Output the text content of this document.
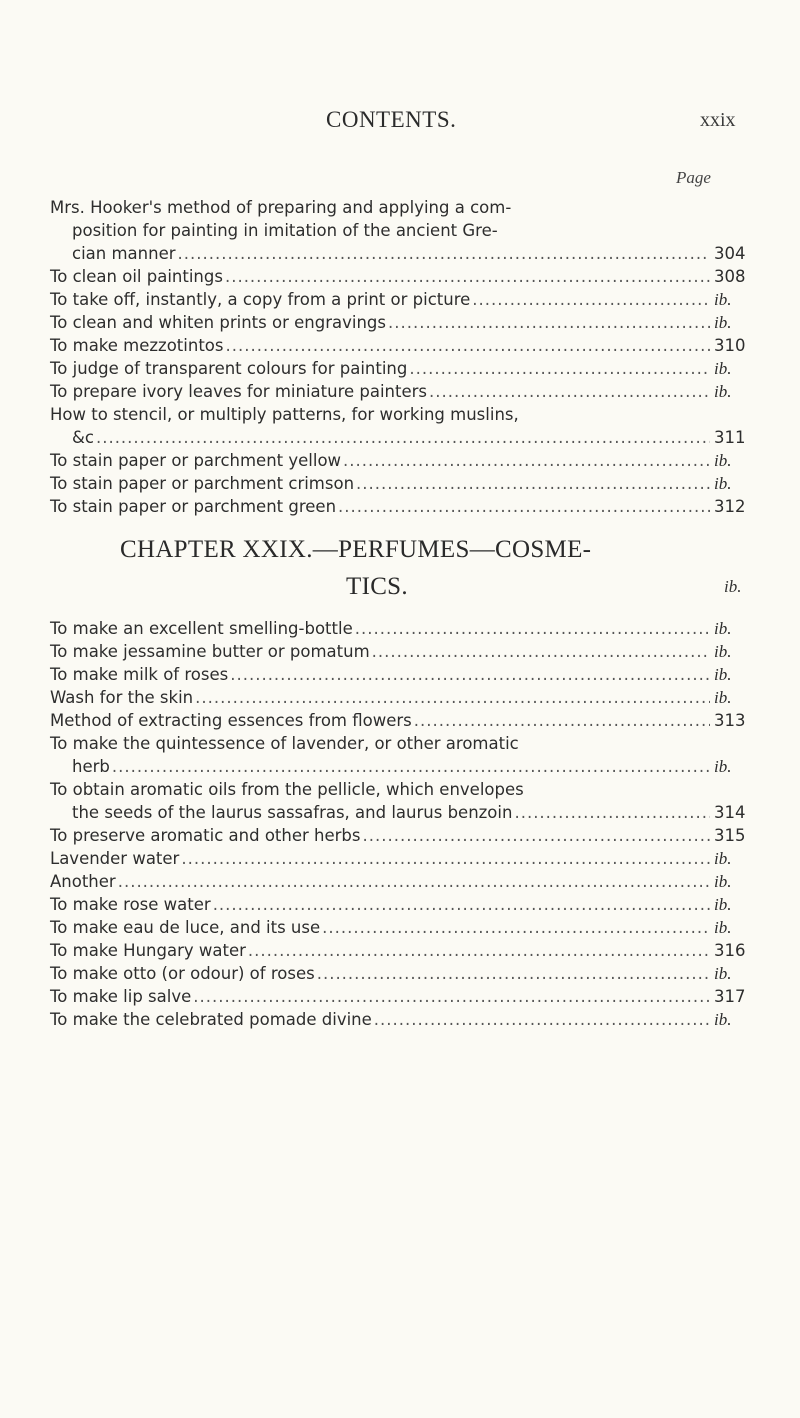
CONTENTS.	xxix
Page
Mrs. Hooker's method of preparing and applying a com-
position for painting in imitation of the ancient Gre-
cian manner .....	304
To clean oil paintings .....	308
To take off, instantly, a copy from a print or picture .....	ib.
To clean and whiten prints or engravings .....	ib.
To make mezzotintos .....	310
To judge of transparent colours for painting .....	ib.
To prepare ivory leaves for miniature painters .....	ib.
How to stencil, or multiply patterns, for working muslins,
&c .....	311
To stain paper or parchment yellow .....	ib.
To stain paper or parchment crimson .....	ib.
To stain paper or parchment green .....	312
CHAPTER XXIX.—PERFUMES—COSME-
TICS.	ib.
To make an excellent smelling-bottle .....	ib.
To make jessamine butter or pomatum .....	ib.
To make milk of roses .....	ib.
Wash for the skin .....	ib.
Method of extracting essences from flowers .....	313
To make the quintessence of lavender, or other aromatic
herb .....	ib.
To obtain aromatic oils from the pellicle, which envelopes
the seeds of the laurus sassafras, and laurus benzoin .....	314
To preserve aromatic and other herbs .....	315
Lavender water .....	ib.
Another .....	ib.
To make rose water .....	ib.
To make eau de luce, and its use .....	ib.
To make Hungary water .....	316
To make otto (or odour) of roses .....	ib.
To make lip salve .....	317
To make the celebrated pomade divine .....	ib.
